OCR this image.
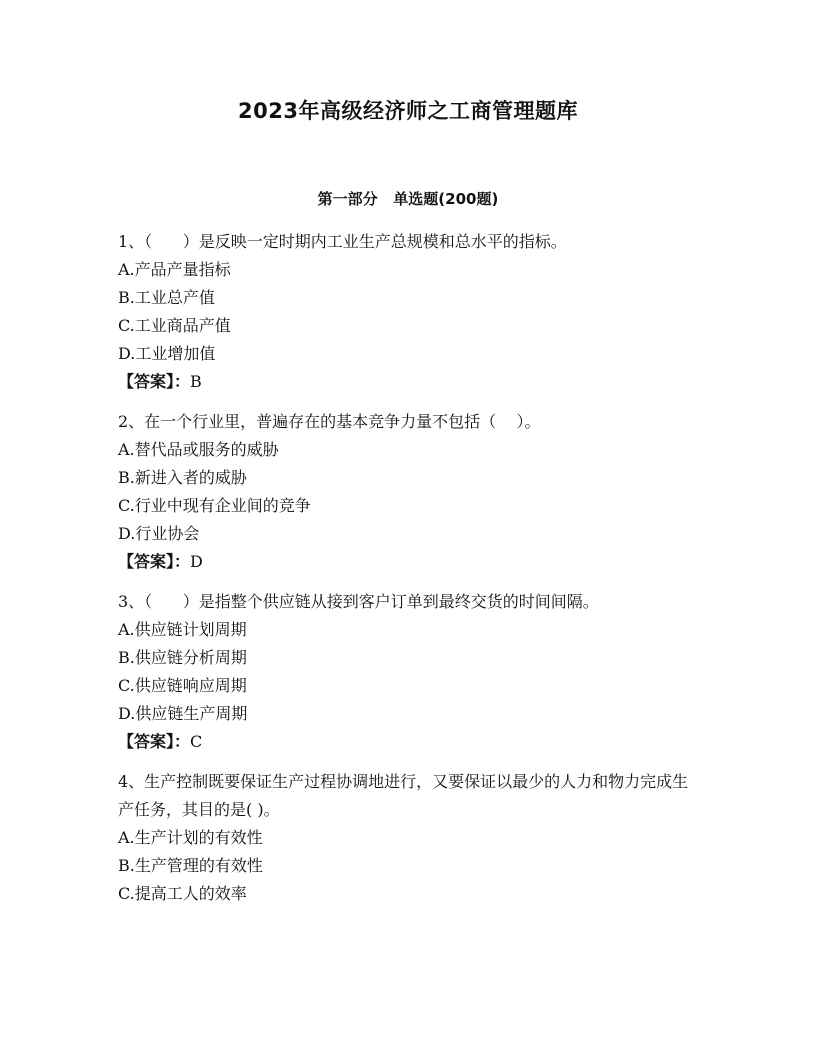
2023年高级经济师之工商管理题库
第一部分   单选题(200题)

1、（      ）是反映一定时期内工业生产总规模和总水平的指标。

A.产品产量指标

B.工业总产值

C.工业商品产值

D.工业增加值

【答案】：B

2、在一个行业里，普遍存在的基本竞争力量不包括（    ）。

A.替代品或服务的威胁

B.新进入者的威胁

C.行业中现有企业间的竞争

D.行业协会

【答案】：D

3、（      ）是指整个供应链从接到客户订单到最终交货的时间间隔。

A.供应链计划周期

B.供应链分析周期

C.供应链响应周期

D.供应链生产周期

【答案】：C

4、生产控制既要保证生产过程协调地进行，又要保证以最少的人力和物力完成生产任务，其目的是( )。

A.生产计划的有效性

B.生产管理的有效性

C.提高工人的效率
